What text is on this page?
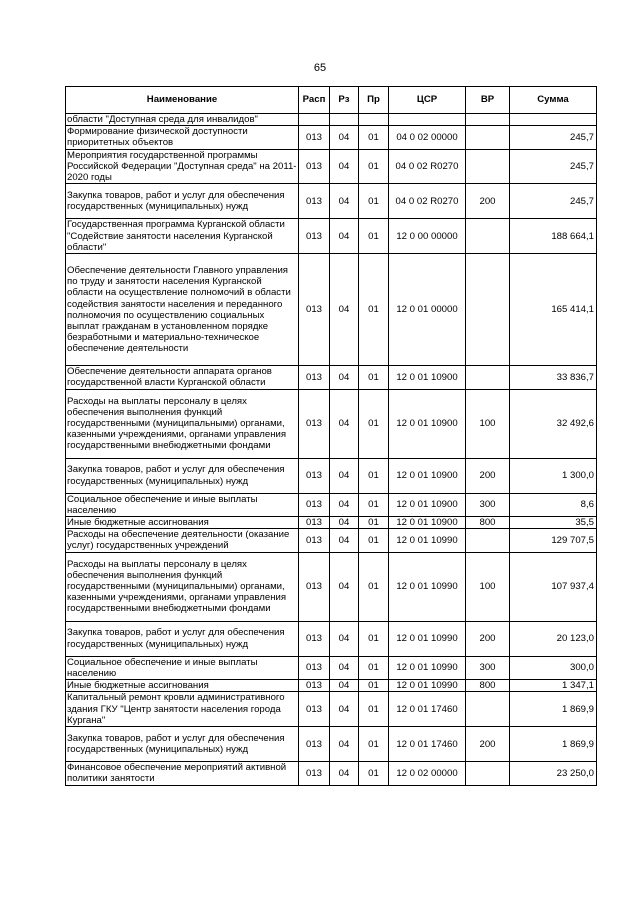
65
Наименование	Расп	Рз	Пр	ЦСР	ВР	Сумма
области "Доступная среда для инвалидов"						
Формирование физической доступности приоритетных объектов	013	04	01	04 0 02 00000		245,7
Мероприятия государственной программы Российской Федерации "Доступная среда" на 2011-2020 годы	013	04	01	04 0 02 R0270		245,7
Закупка товаров, работ и услуг для обеспечения государственных (муниципальных) нужд	013	04	01	04 0 02 R0270	200	245,7
Государственная программа Курганской области "Содействие занятости населения Курганской области"	013	04	01	12 0 00 00000		188 664,1
Обеспечение деятельности Главного управления по труду и занятости населения Курганской области на осуществление полномочий в области содействия занятости населения и переданного полномочия по осуществлению социальных выплат гражданам в установленном порядке безработными и материально-техническое обеспечение деятельности	013	04	01	12 0 01 00000		165 414,1
Обеспечение деятельности аппарата органов государственной власти Курганской области	013	04	01	12 0 01 10900		33 836,7
Расходы на выплаты персоналу в целях обеспечения выполнения функций государственными (муниципальными) органами, казенными учреждениями, органами управления государственными внебюджетными фондами	013	04	01	12 0 01 10900	100	32 492,6
Закупка товаров, работ и услуг для обеспечения государственных (муниципальных) нужд	013	04	01	12 0 01 10900	200	1 300,0
Социальное обеспечение и иные выплаты населению	013	04	01	12 0 01 10900	300	8,6
Иные бюджетные ассигнования	013	04	01	12 0 01 10900	800	35,5
Расходы на обеспечение деятельности (оказание услуг) государственных учреждений	013	04	01	12 0 01 10990		129 707,5
Расходы на выплаты персоналу в целях обеспечения выполнения функций государственными (муниципальными) органами, казенными учреждениями, органами управления государственными внебюджетными фондами	013	04	01	12 0 01 10990	100	107 937,4
Закупка товаров, работ и услуг для обеспечения государственных (муниципальных) нужд	013	04	01	12 0 01 10990	200	20 123,0
Социальное обеспечение и иные выплаты населению	013	04	01	12 0 01 10990	300	300,0
Иные бюджетные ассигнования	013	04	01	12 0 01 10990	800	1 347,1
Капитальный ремонт кровли административного здания ГКУ "Центр занятости населения города Кургана"	013	04	01	12 0 01 17460		1 869,9
Закупка товаров, работ и услуг для обеспечения государственных (муниципальных) нужд	013	04	01	12 0 01 17460	200	1 869,9
Финансовое обеспечение мероприятий активной политики занятости	013	04	01	12 0 02 00000		23 250,0
